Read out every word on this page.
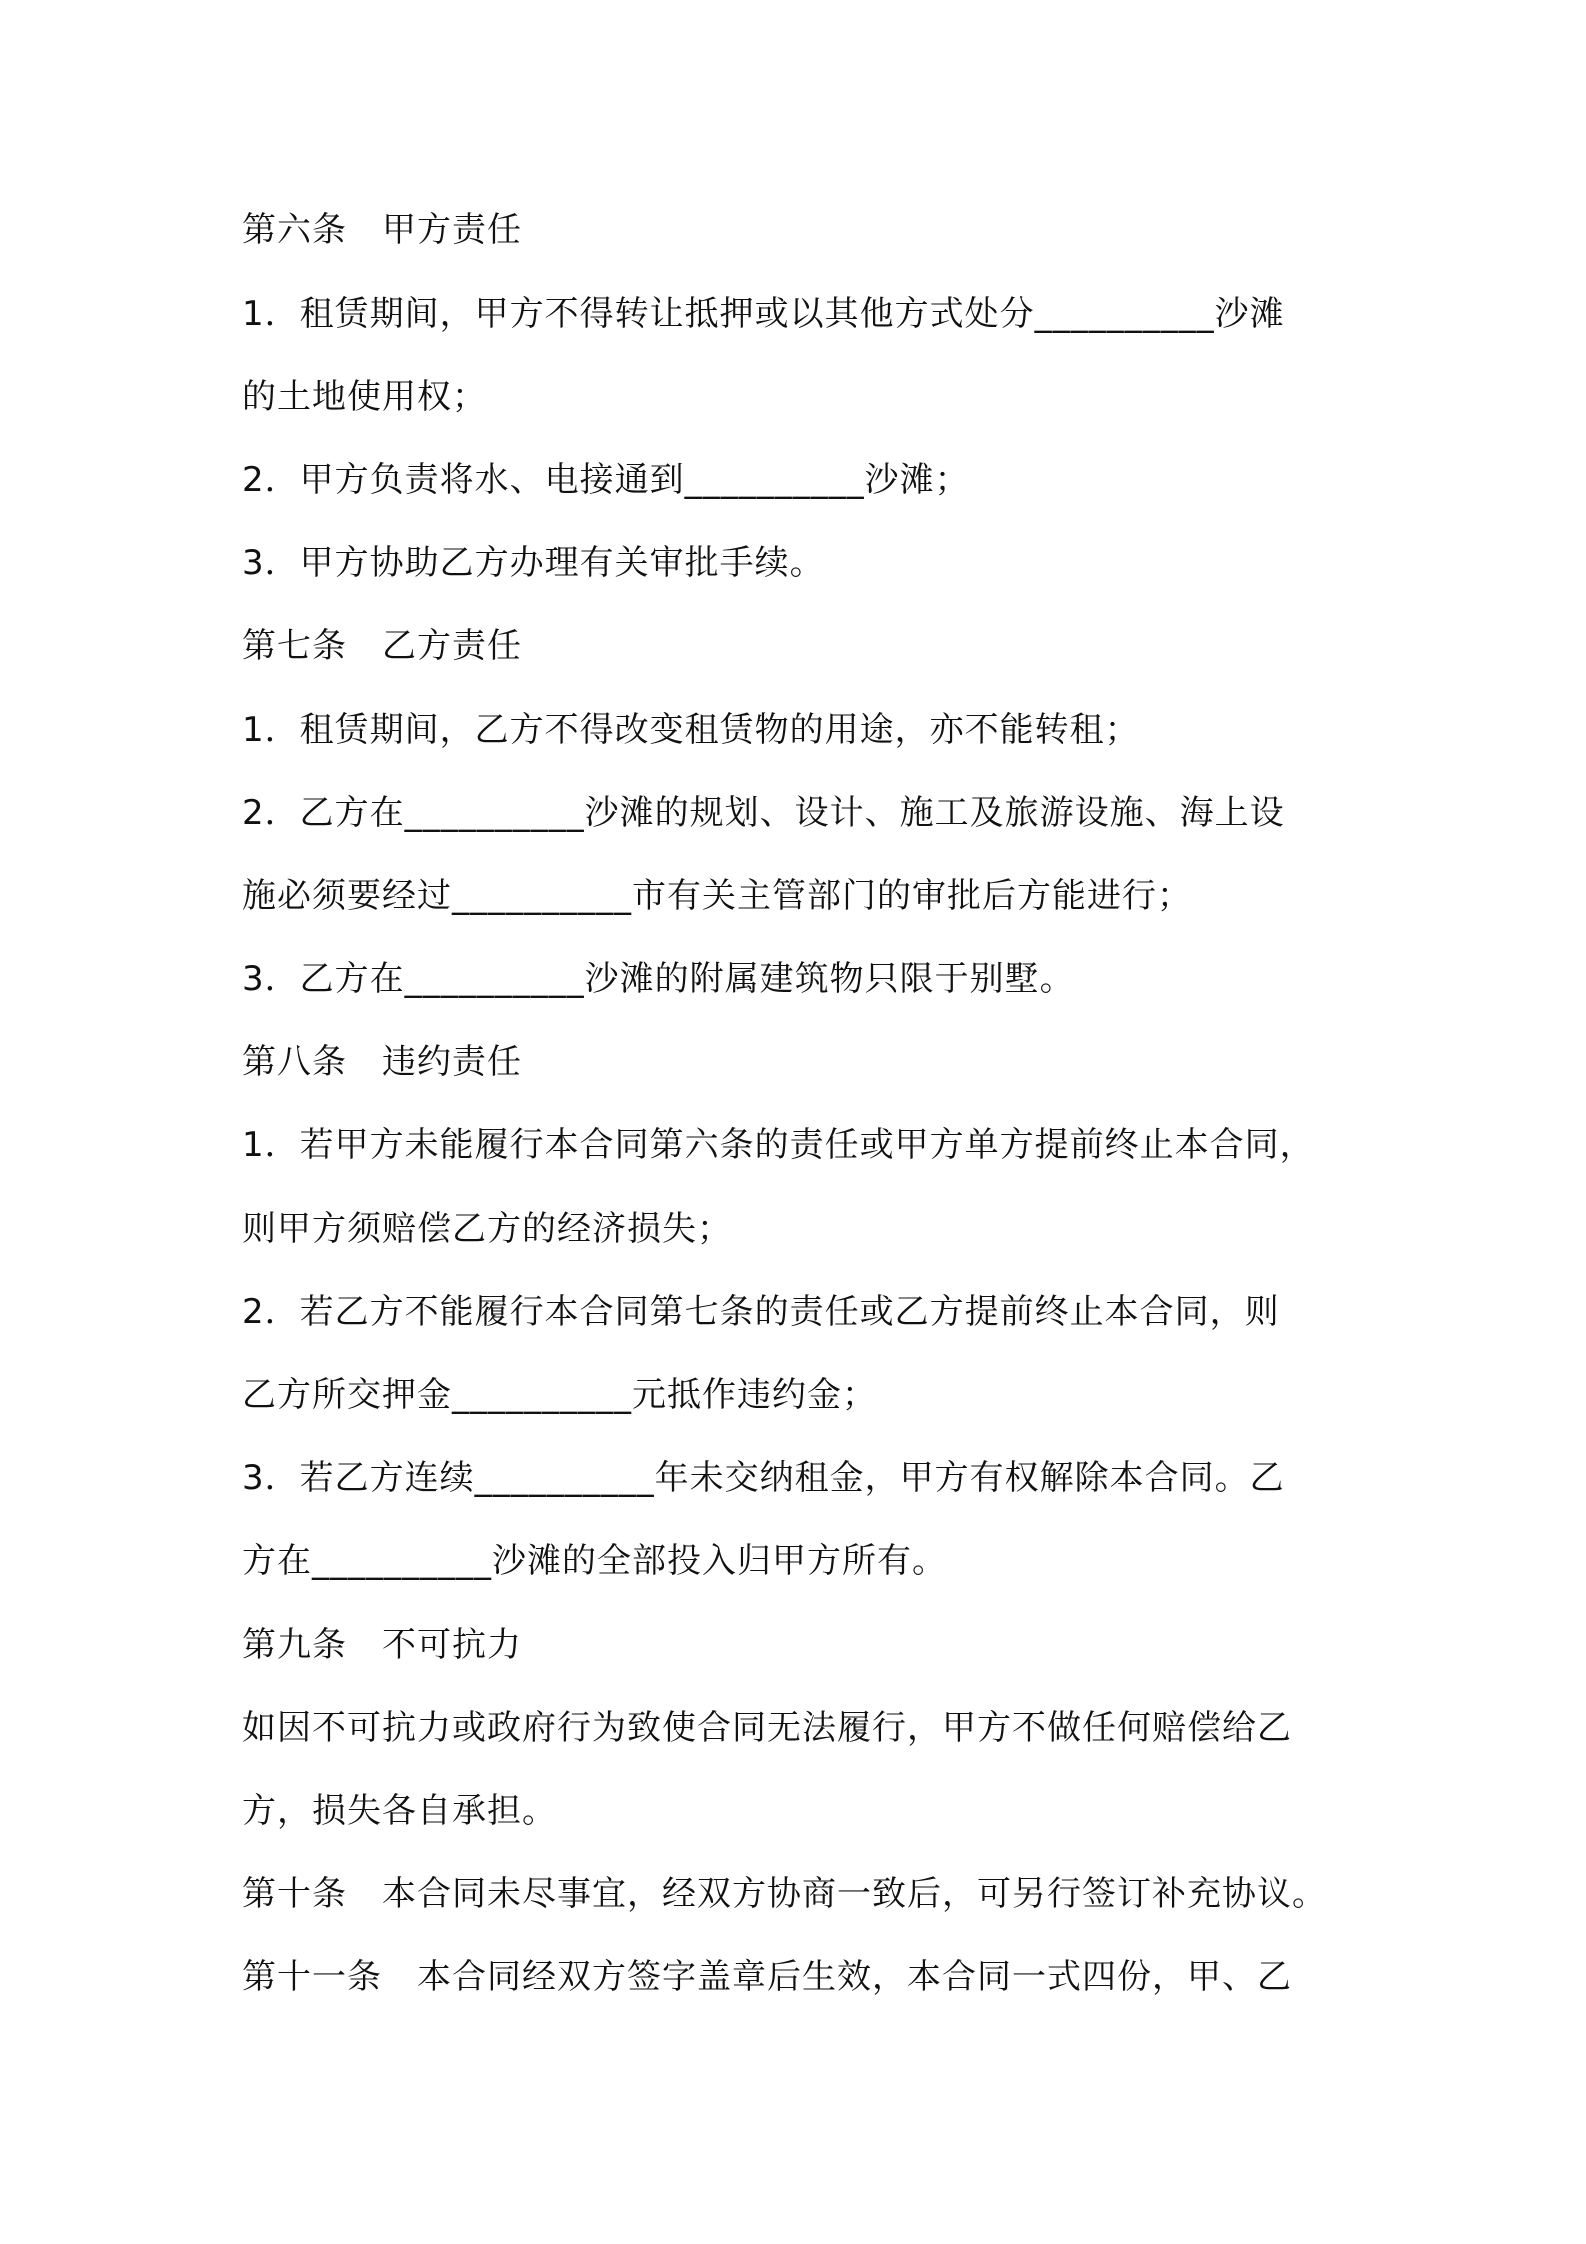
第六条　甲方责任
1．租赁期间，甲方不得转让抵押或以其他方式处分__________沙滩
的土地使用权；
2．甲方负责将水、电接通到__________沙滩；
3．甲方协助乙方办理有关审批手续。
第七条　乙方责任
1．租赁期间，乙方不得改变租赁物的用途，亦不能转租；
2．乙方在__________沙滩的规划、设计、施工及旅游设施、海上设
施必须要经过__________市有关主管部门的审批后方能进行；
3．乙方在__________沙滩的附属建筑物只限于别墅。
第八条　违约责任
1．若甲方未能履行本合同第六条的责任或甲方单方提前终止本合同，
则甲方须赔偿乙方的经济损失；
2．若乙方不能履行本合同第七条的责任或乙方提前终止本合同，则
乙方所交押金__________元抵作违约金；
3．若乙方连续__________年未交纳租金，甲方有权解除本合同。乙
方在__________沙滩的全部投入归甲方所有。
第九条　不可抗力
如因不可抗力或政府行为致使合同无法履行，甲方不做任何赔偿给乙
方，损失各自承担。
第十条　本合同未尽事宜，经双方协商一致后，可另行签订补充协议。
第十一条　本合同经双方签字盖章后生效，本合同一式四份，甲、乙
